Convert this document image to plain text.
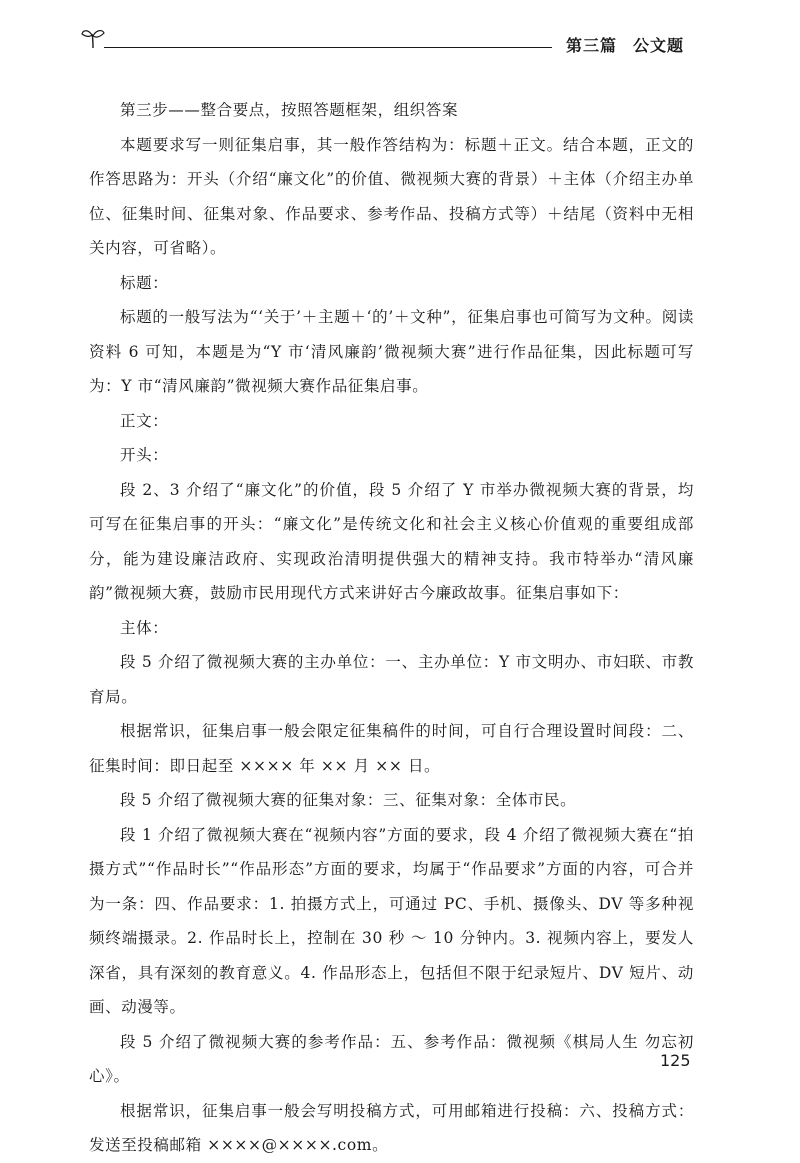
第三篇 公文题

第三步——整合要点，按照答题框架，组织答案

本题要求写一则征集启事，其一般作答结构为：标题＋正文。结合本题，正文的作答思路为：开头（介绍“廉文化”的价值、微视频大赛的背景）＋主体（介绍主办单位、征集时间、征集对象、作品要求、参考作品、投稿方式等）＋结尾（资料中无相关内容，可省略）。

标题：

标题的一般写法为“‘关于’＋主题＋‘的’＋文种”，征集启事也可简写为文种。阅读资料 6 可知，本题是为“Y 市‘清风廉韵’微视频大赛”进行作品征集，因此标题可写为：Y 市“清风廉韵”微视频大赛作品征集启事。

正文：

开头：

段 2、3 介绍了“廉文化”的价值，段 5 介绍了 Y 市举办微视频大赛的背景，均可写在征集启事的开头：“廉文化”是传统文化和社会主义核心价值观的重要组成部分，能为建设廉洁政府、实现政治清明提供强大的精神支持。我市特举办“清风廉韵”微视频大赛，鼓励市民用现代方式来讲好古今廉政故事。征集启事如下：

主体：

段 5 介绍了微视频大赛的主办单位：一、主办单位：Y 市文明办、市妇联、市教育局。

根据常识，征集启事一般会限定征集稿件的时间，可自行合理设置时间段：二、征集时间：即日起至 ×××× 年 ×× 月 ×× 日。

段 5 介绍了微视频大赛的征集对象：三、征集对象：全体市民。

段 1 介绍了微视频大赛在“视频内容”方面的要求，段 4 介绍了微视频大赛在“拍摄方式”“作品时长”“作品形态”方面的要求，均属于“作品要求”方面的内容，可合并为一条：四、作品要求：1. 拍摄方式上，可通过 PC、手机、摄像头、DV 等多种视频终端摄录。2. 作品时长上，控制在 30 秒 ～ 10 分钟内。3. 视频内容上，要发人深省，具有深刻的教育意义。4. 作品形态上，包括但不限于纪录短片、DV 短片、动画、动漫等。

段 5 介绍了微视频大赛的参考作品：五、参考作品：微视频《棋局人生 勿忘初心》。

根据常识，征集启事一般会写明投稿方式，可用邮箱进行投稿：六、投稿方式：发送至投稿邮箱 ××××@××××.com。

125
